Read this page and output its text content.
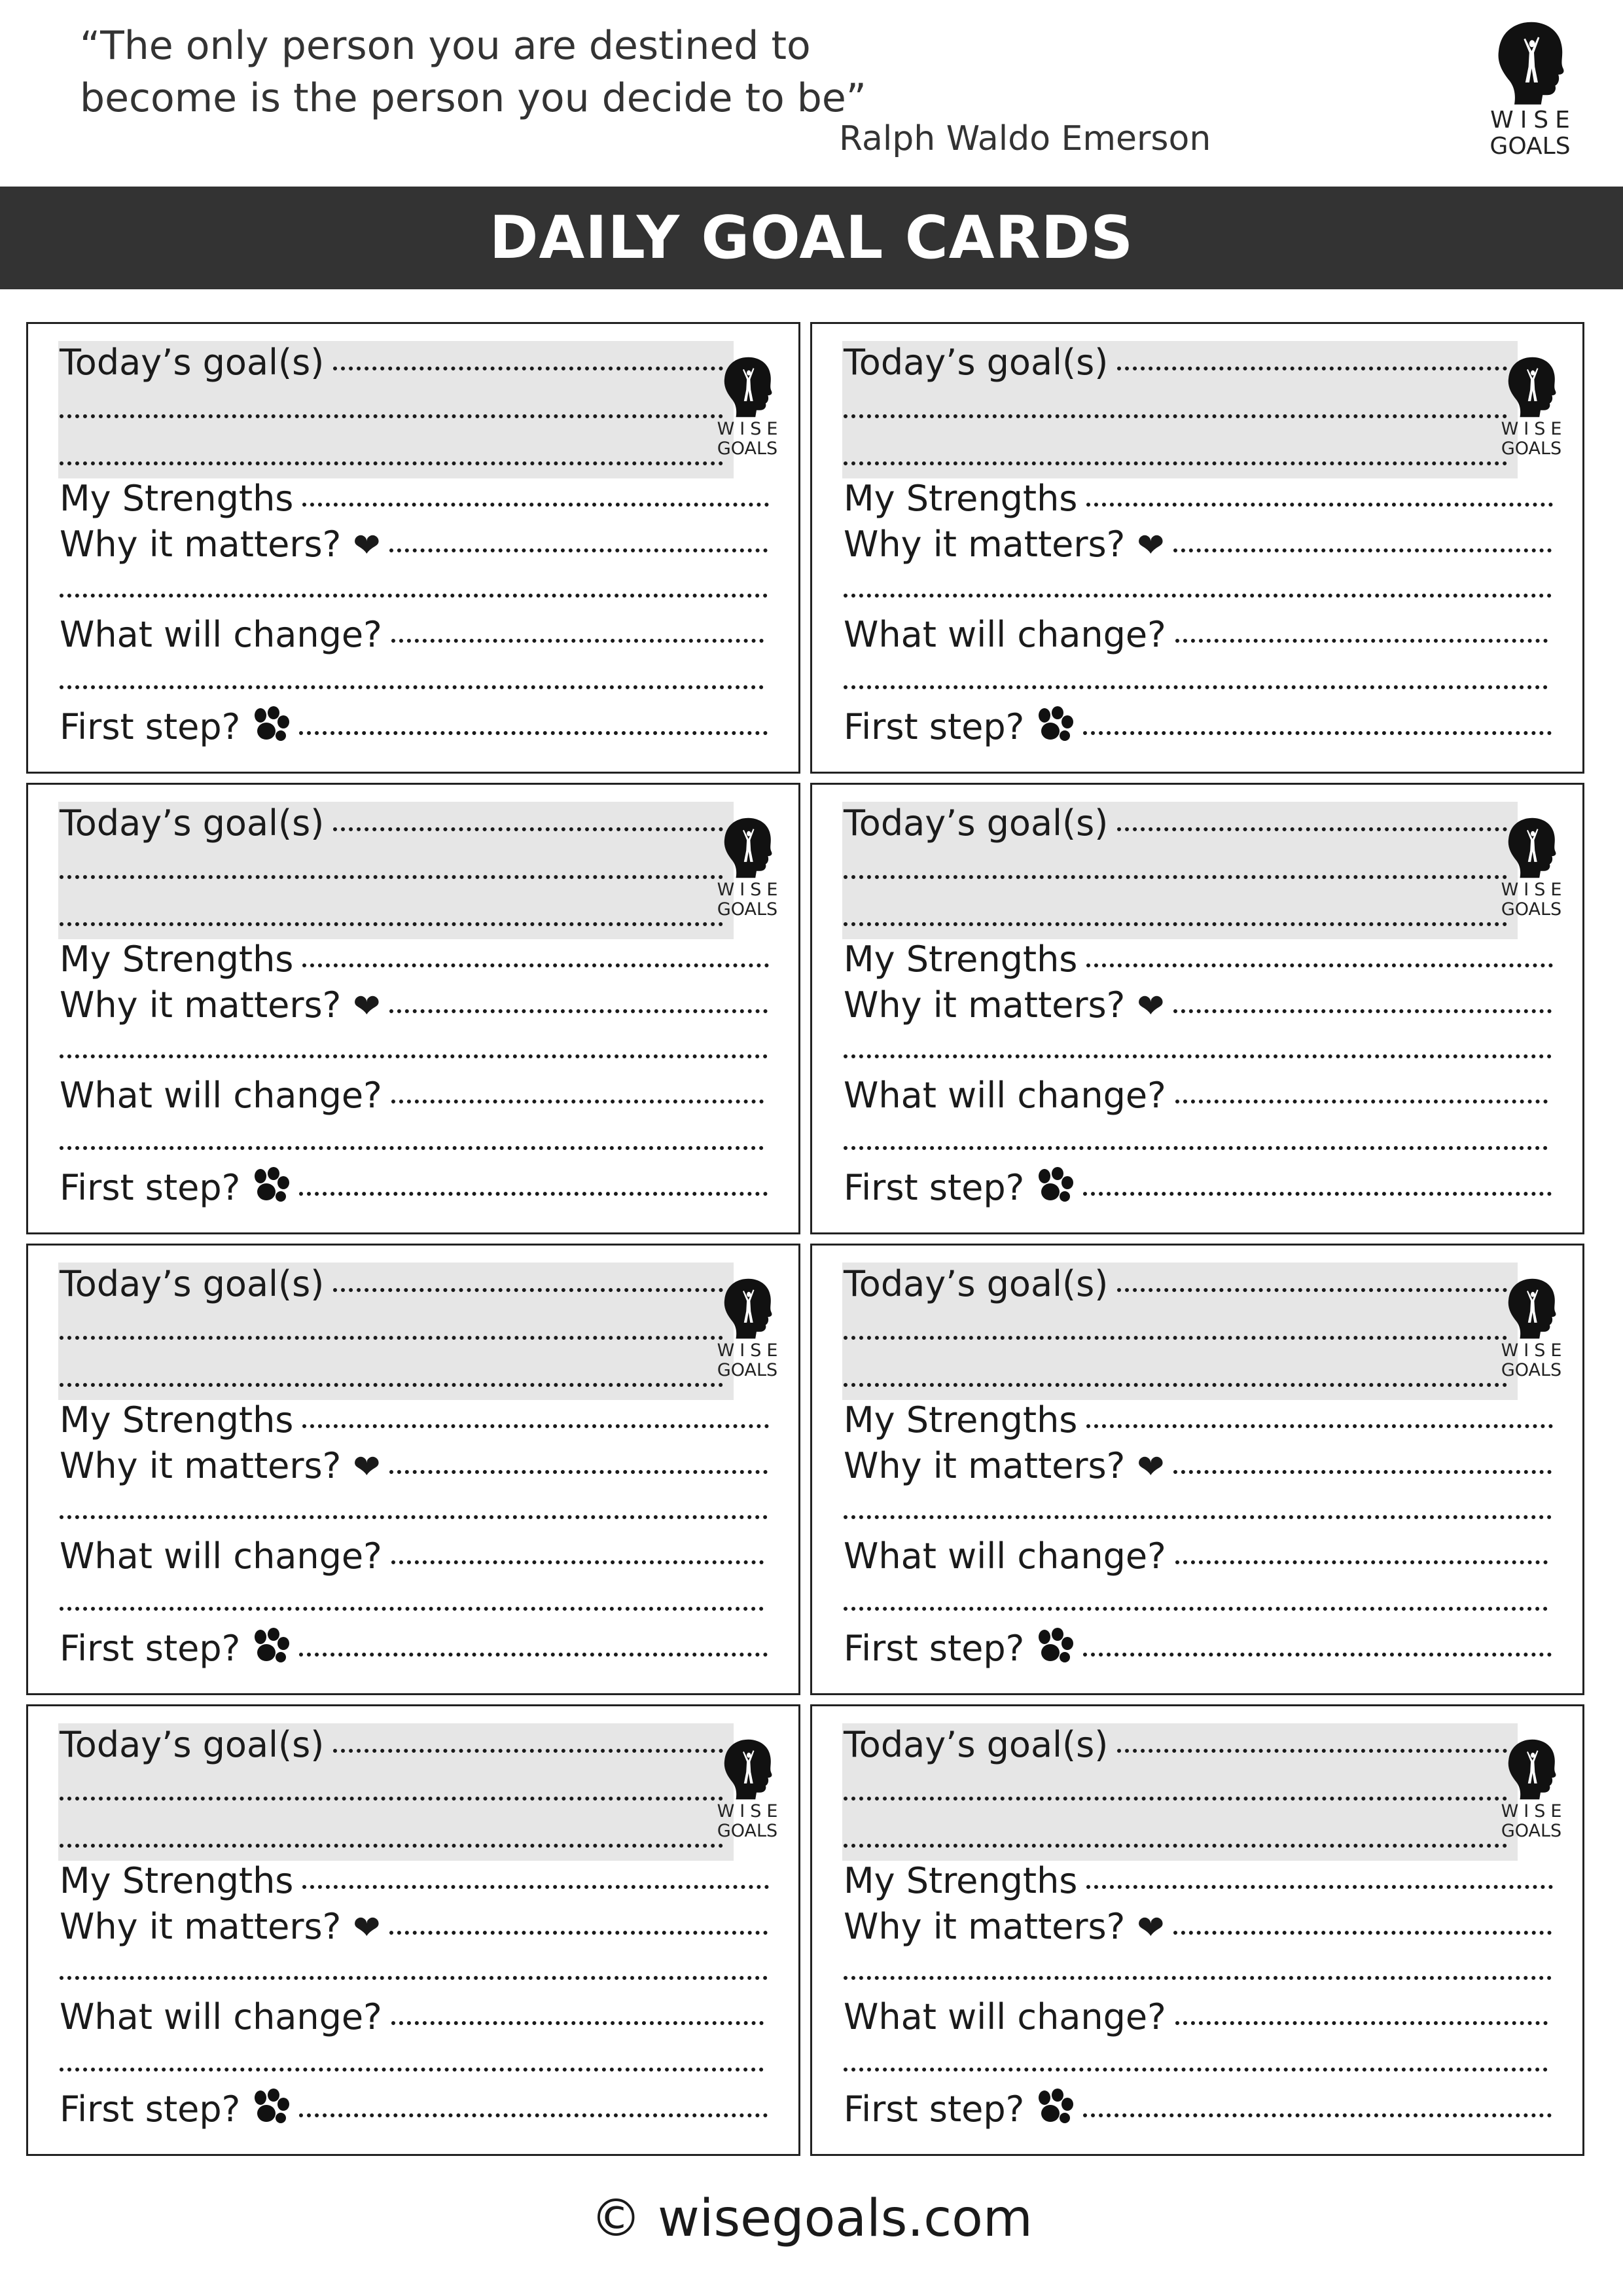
“The only person you are destined to
become is the person you decide to be”
Ralph Waldo Emerson	WISE
GOALS
DAILY GOAL CARDS
Today’s goal(s)
WISE
GOALS
My Strengths
Why it matters? ❤
What will change?
First step?
Today’s goal(s)
WISE
GOALS
My Strengths
Why it matters? ❤
What will change?
First step?
Today’s goal(s)
WISE
GOALS
My Strengths
Why it matters? ❤
What will change?
First step?
Today’s goal(s)
WISE
GOALS
My Strengths
Why it matters? ❤
What will change?
First step?
Today’s goal(s)
WISE
GOALS
My Strengths
Why it matters? ❤
What will change?
First step?
Today’s goal(s)
WISE
GOALS
My Strengths
Why it matters? ❤
What will change?
First step?
Today’s goal(s)
WISE
GOALS
My Strengths
Why it matters? ❤
What will change?
First step?
Today’s goal(s)
WISE
GOALS
My Strengths
Why it matters? ❤
What will change?
First step?
© wisegoals.com
